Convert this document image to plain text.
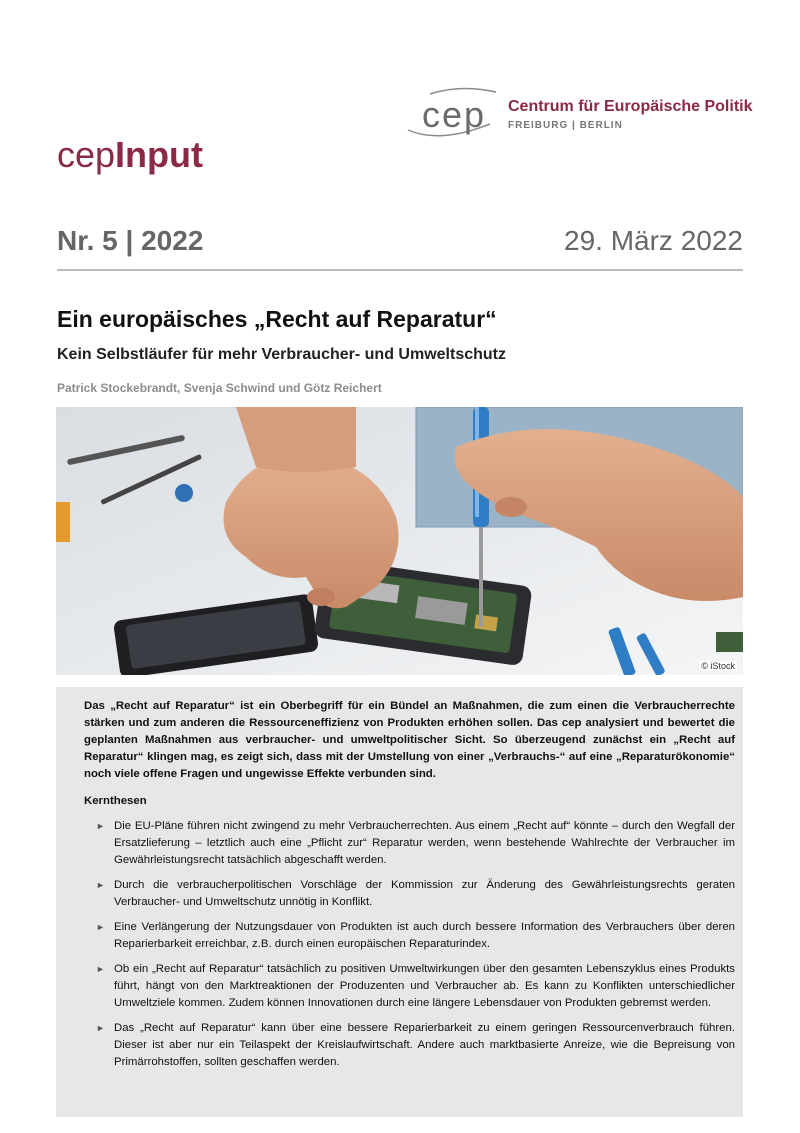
cep Centrum für Europäische Politik
FREIBURG | BERLIN
cepInput
Nr. 5 | 2022	29. März 2022
Ein europäisches „Recht auf Reparatur“
Kein Selbstläufer für mehr Verbraucher- und Umweltschutz
Patrick Stockebrandt, Svenja Schwind und Götz Reichert
© iStock

Das „Recht auf Reparatur“ ist ein Oberbegriff für ein Bündel an Maßnahmen, die zum einen die Verbraucherrechte stärken und zum anderen die Ressourceneffizienz von Produkten erhöhen sollen. Das cep analysiert und bewertet die geplanten Maßnahmen aus verbraucher- und umweltpolitischer Sicht. So überzeugend zunächst ein „Recht auf Reparatur“ klingen mag, es zeigt sich, dass mit der Umstellung von einer „Verbrauchs-“ auf eine „Reparaturökonomie“ noch viele offene Fragen und ungewisse Effekte verbunden sind.

Kernthesen

► Die EU-Pläne führen nicht zwingend zu mehr Verbraucherrechten. Aus einem „Recht auf“ könnte – durch den Wegfall der Ersatzlieferung – letztlich auch eine „Pflicht zur“ Reparatur werden, wenn bestehende Wahlrechte der Verbraucher im Gewährleistungsrecht tatsächlich abgeschafft werden.
► Durch die verbraucherpolitischen Vorschläge der Kommission zur Änderung des Gewährleistungsrechts geraten Verbraucher- und Umweltschutz unnötig in Konflikt.
► Eine Verlängerung der Nutzungsdauer von Produkten ist auch durch bessere Information des Verbrauchers über deren Reparierbarkeit erreichbar, z.B. durch einen europäischen Reparaturindex.
► Ob ein „Recht auf Reparatur“ tatsächlich zu positiven Umweltwirkungen über den gesamten Lebenszyklus eines Produkts führt, hängt von den Marktreaktionen der Produzenten und Verbraucher ab. Es kann zu Konflikten unterschiedlicher Umweltziele kommen. Zudem können Innovationen durch eine längere Lebensdauer von Produkten gebremst werden.
► Das „Recht auf Reparatur“ kann über eine bessere Reparierbarkeit zu einem geringen Ressourcenverbrauch führen. Dieser ist aber nur ein Teilaspekt der Kreislaufwirtschaft. Andere auch marktbasierte Anreize, wie die Bepreisung von Primärrohstoffen, sollten geschaffen werden.
